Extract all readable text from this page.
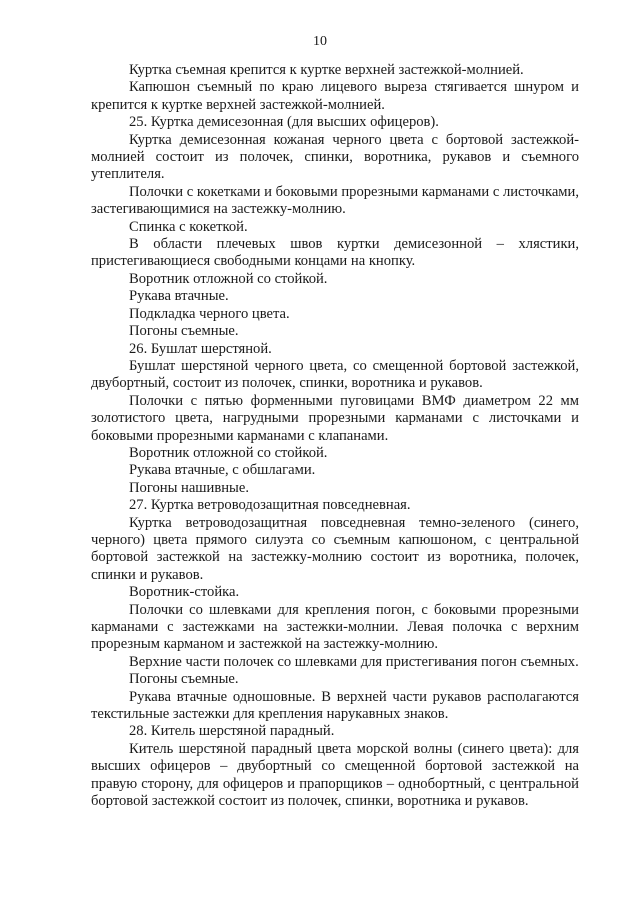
10

Куртка съемная крепится к куртке верхней застежкой-молнией.

Капюшон съемный по краю лицевого выреза стягивается шнуром и крепится к куртке верхней застежкой-молнией.

25. Куртка демисезонная (для высших офицеров).

Куртка демисезонная кожаная черного цвета с бортовой застежкой-молнией состоит из полочек, спинки, воротника, рукавов и съемного утеплителя.

Полочки с кокетками и боковыми прорезными карманами с листочками, застегивающимися на застежку-молнию.

Спинка с кокеткой.

В области плечевых швов куртки демисезонной – хлястики, пристегивающиеся свободными концами на кнопку.

Воротник отложной со стойкой.

Рукава втачные.

Подкладка черного цвета.

Погоны съемные.

26. Бушлат шерстяной.

Бушлат шерстяной черного цвета, со смещенной бортовой застежкой, двубортный, состоит из полочек, спинки, воротника и рукавов.

Полочки с пятью форменными пуговицами ВМФ диаметром 22 мм золотистого цвета, нагрудными прорезными карманами с листочками и боковыми прорезными карманами с клапанами.

Воротник отложной со стойкой.

Рукава втачные, с обшлагами.

Погоны нашивные.

27. Куртка ветроводозащитная повседневная.

Куртка ветроводозащитная повседневная темно-зеленого (синего, черного) цвета прямого силуэта со съемным капюшоном, с центральной бортовой застежкой на застежку-молнию состоит из воротника, полочек, спинки и рукавов.

Воротник-стойка.

Полочки со шлевками для крепления погон, с боковыми прорезными карманами с застежками на застежки-молнии. Левая полочка с верхним прорезным карманом и застежкой на застежку-молнию.

Верхние части полочек со шлевками для пристегивания погон съемных.

Погоны съемные.

Рукава втачные одношовные. В верхней части рукавов располагаются текстильные застежки для крепления нарукавных знаков.

28. Китель шерстяной парадный.

Китель шерстяной парадный цвета морской волны (синего цвета): для высших офицеров – двубортный со смещенной бортовой застежкой на правую сторону, для офицеров и прапорщиков – однобортный, с центральной бортовой застежкой состоит из полочек, спинки, воротника и рукавов.
